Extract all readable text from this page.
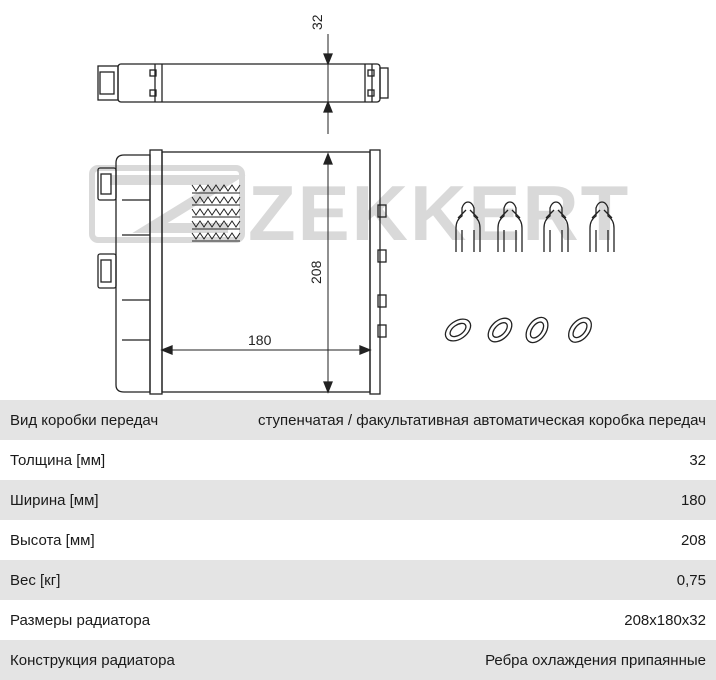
ZEKKERT
32
208
180
Вид коробки передач	ступенчатая / факультативная автоматическая коробка передач
Толщина [мм]	32
Ширина [мм]	180
Высота [мм]	208
Вес [кг]	0,75
Размеры радиатора	208x180x32
Конструкция радиатора	Ребра охлаждения припаянные
